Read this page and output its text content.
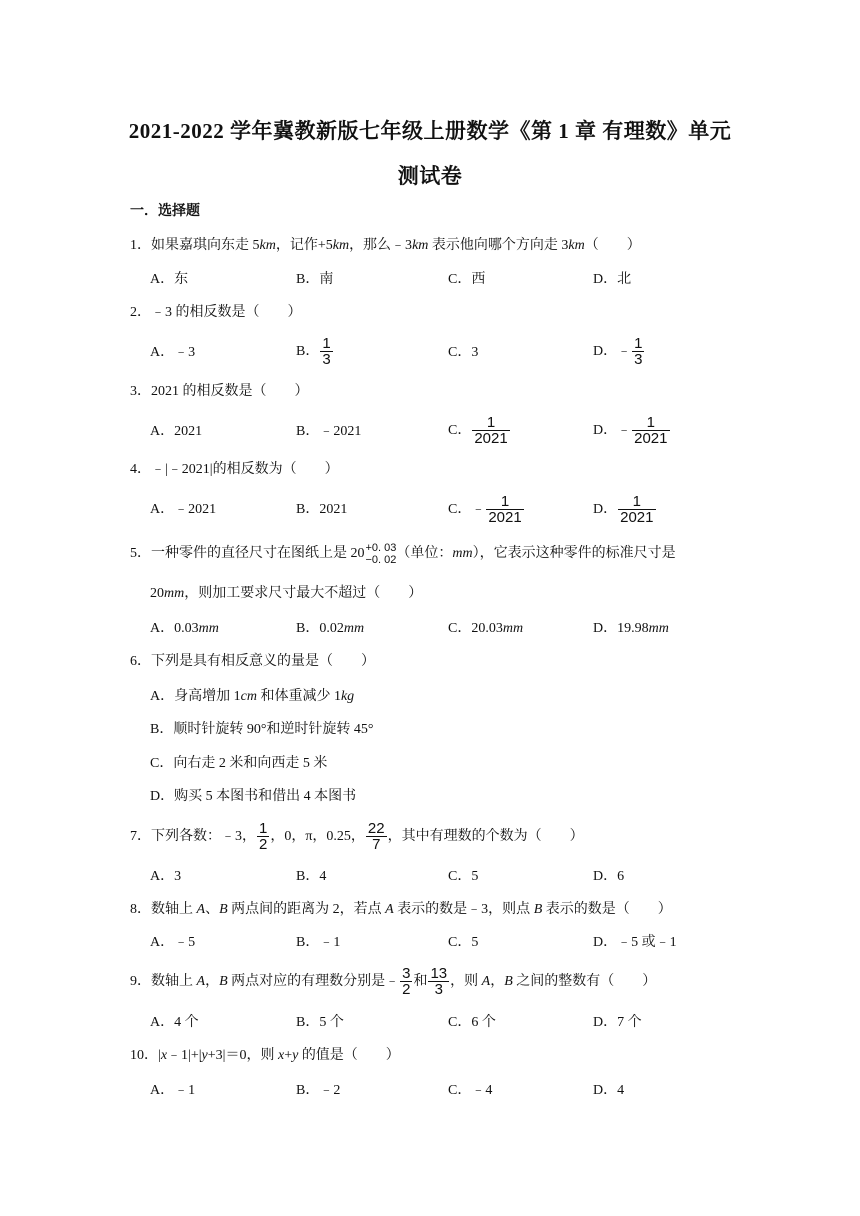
2021-2022 学年冀教新版七年级上册数学《第 1 章 有理数》单元
测试卷
一．选择题
1．如果嘉琪向东走 5km，记作+5km，那么﹣3km 表示他向哪个方向走 3km（　　）
A．东	B．南	C．西	D．北
2．﹣3 的相反数是（　　）
A．﹣3	B． $\frac{1}{3}$	C．3	D．﹣ $\frac{1}{3}$
3．2021 的相反数是（　　）
A．2021	B．﹣2021	C． $\frac{1}{2021}$	D．﹣ $\frac{1}{2021}$
4．﹣|﹣2021|的相反数为（　　）
A．﹣2021	B．2021	C．﹣ $\frac{1}{2021}$	D． $\frac{1}{2021}$
5．一种零件的直径尺寸在图纸上是 20 +0. 03
−0. 02 （单位：mm），它表示这种零件的标准尺寸是
20mm，则加工要求尺寸最大不超过（　　）
A．0.03mm	B．0.02mm	C．20.03mm	D．19.98mm
6．下列是具有相反意义的量是（　　）
A．身高增加 1cm 和体重减少 1kg
B．顺时针旋转 90°和逆时针旋转 45°
C．向右走 2 米和向西走 5 米
D．购买 5 本图书和借出 4 本图书
7．下列各数：﹣3， $\frac{1}{2}$ ，0，π，0.25， $\frac{22}{7}$ ，其中有理数的个数为（　　）
A．3	B．4	C．5	D．6
8．数轴上 A、B 两点间的距离为 2，若点 A 表示的数是﹣3，则点 B 表示的数是（　　）
A．﹣5	B．﹣1	C．5	D．﹣5 或﹣1
9．数轴上 A，B 两点对应的有理数分别是﹣ $\frac{3}{2}$ 和 $\frac{13}{3}$ ，则 A，B 之间的整数有（　　）
A．4 个	B．5 个	C．6 个	D．7 个
10．|x﹣1|+|y+3|＝0，则 x+y 的值是（　　）
A．﹣1	B．﹣2	C．﹣4	D．4
